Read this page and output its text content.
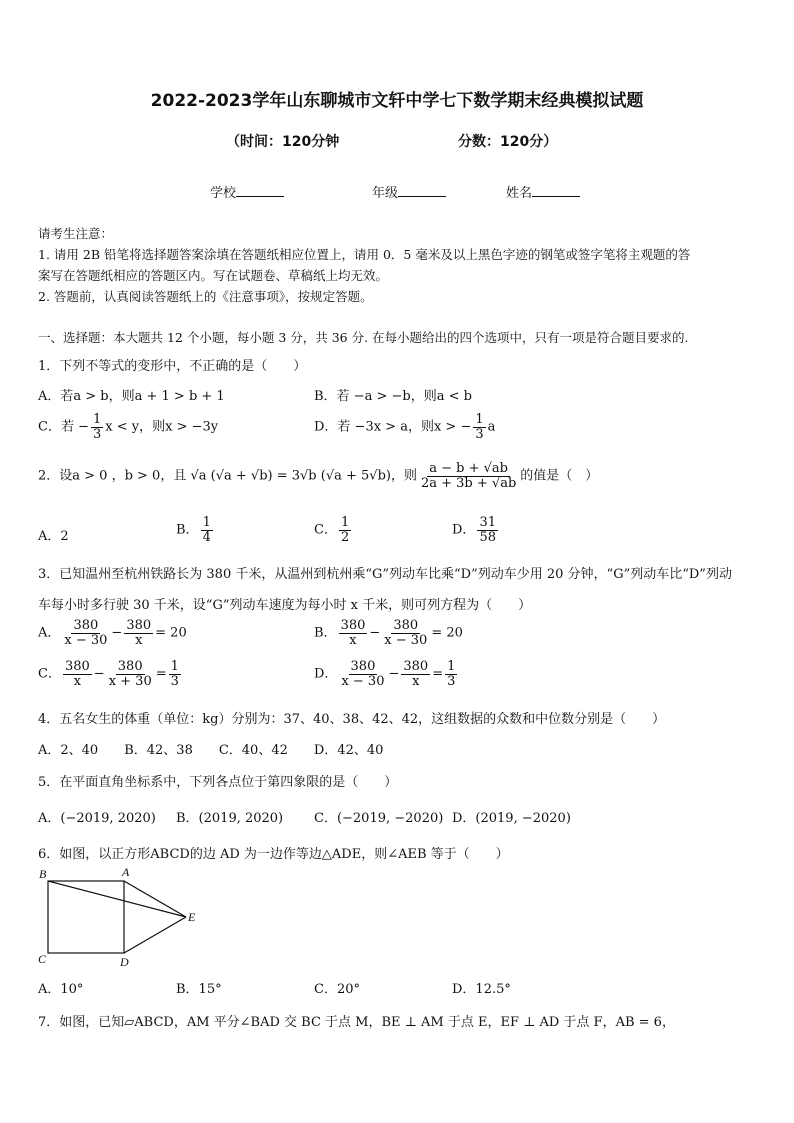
2022-2023学年山东聊城市文轩中学七下数学期末经典模拟试题
（时间：120分钟	分数：120分）
学校	年级	姓名
请考生注意：
1. 请用 2B 铅笔将选择题答案涂填在答题纸相应位置上，请用 0．5 毫米及以上黑色字迹的钢笔或签字笔将主观题的答
案写在答题纸相应的答题区内。写在试题卷、草稿纸上均无效。
2. 答题前，认真阅读答题纸上的《注意事项》，按规定答题。
一、选择题：本大题共 12 个小题，每小题 3 分，共 36 分. 在每小题给出的四个选项中，只有一项是符合题目要求的.
1．下列不等式的变形中，不正确的是（　　）
A．若a > b，则a + 1 > b + 1	B．若 −a > −b，则a < b
C．若 − $\frac{1}{3}$ x < y，则x > −3y	D．若 −3x > a，则x > − $\frac{1}{3}$ a
2．设a > 0 ，b > 0，且 √a (√a + √b) = 3√b (√a + 5√b)，则 $\frac{a - b + √ab}{2a + 3b + √ab}$ 的值是（　）
A．2	B． $\frac{1}{4}$	C． $\frac{1}{2}$	D． $\frac{31}{58}$
3．已知温州至杭州铁路长为 380 千米，从温州到杭州乘“G”列动车比乘“D”列动车少用 20 分钟，“G”列动车比“D”列动
车每小时多行驶 30 千米，设“G”列动车速度为每小时 x 千米，则可列方程为（　　）
A． $\frac{380}{x - 30} - \frac{380}{x} = 20$	B． $\frac{380}{x} - \frac{380}{x - 30} = 20$
C． $\frac{380}{x} - \frac{380}{x + 30} = \frac{1}{3}$	D． $\frac{380}{x - 30} - \frac{380}{x} = \frac{1}{3}$
4．五名女生的体重（单位：kg）分别为：37、40、38、42、42，这组数据的众数和中位数分别是（　　）
A．2、40　　B．42、38　　C．40、42　　D．42、40
5．在平面直角坐标系中，下列各点位于第四象限的是（　　）
A．(−2019, 2020) B．(2019, 2020) C．(−2019, −2020) D．(2019, −2020)
6．如图，以正方形ABCD的边 AD 为一边作等边△ADE，则∠AEB 等于（　　）
B	A
E
C	D
A．10°	B．15°	C．20°	D．12.5°
7．如图，已知▱ABCD，AM 平分∠BAD 交 BC 于点 M，BE ⊥ AM 于点 E，EF ⊥ AD 于点 F，AB = 6，
